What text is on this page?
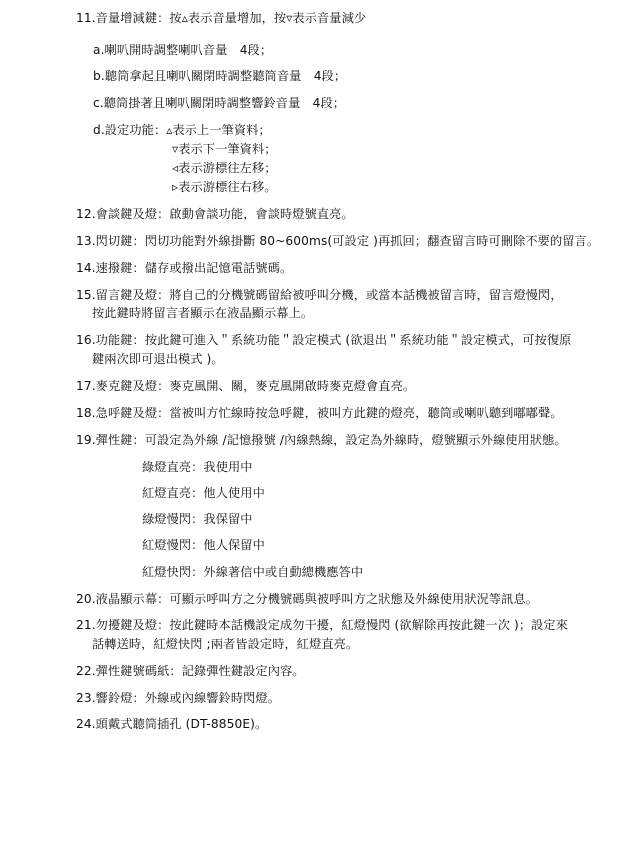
11.音量增減鍵：按▵表示音量增加，按▿表示音量減少
a.喇叭開時調整喇叭音量　4段；
b.聽筒拿起且喇叭關閉時調整聽筒音量　4段；
c.聽筒掛著且喇叭關閉時調整響鈴音量　4段；
d.設定功能：▵表示上一筆資料；
▿表示下一筆資料；
◃表示游標往左移；
▹表示游標往右移。
12.會談鍵及燈：啟動會談功能，會談時燈號直亮。
13.閃切鍵：閃切功能對外線掛斷 80~600ms(可設定 )再抓回；翻查留言時可刪除不要的留言。
14.速撥鍵：儲存或撥出記憶電話號碼。
15.留言鍵及燈：將自己的分機號碼留給被呼叫分機，或當本話機被留言時，留言燈慢閃，
按此鍵時將留言者顯示在液晶顯示幕上。
16.功能鍵：按此鍵可進入＂系統功能＂設定模式 (欲退出＂系統功能＂設定模式，可按復原
鍵兩次即可退出模式 )。
17.麥克鍵及燈：麥克風開、關，麥克風開啟時麥克燈會直亮。
18.急呼鍵及燈：當被叫方忙線時按急呼鍵，被叫方此鍵的燈亮，聽筒或喇叭聽到嘟嘟聲。
19.彈性鍵：可設定為外線 /記憶撥號 /內線熱線，設定為外線時，燈號顯示外線使用狀態。
綠燈直亮：我使用中
紅燈直亮：他人使用中
綠燈慢閃：我保留中
紅燈慢閃：他人保留中
紅燈快閃：外線著信中或自動總機應答中
20.液晶顯示幕：可顯示呼叫方之分機號碼與被呼叫方之狀態及外線使用狀況等訊息。
21.勿擾鍵及燈：按此鍵時本話機設定成勿干擾，紅燈慢閃 (欲解除再按此鍵一次 )；設定來
話轉送時，紅燈快閃 ;兩者皆設定時，紅燈直亮。
22.彈性鍵號碼紙：記錄彈性鍵設定內容。
23.響鈴燈：外線或內線響鈴時閃燈。
24.頭戴式聽筒插孔 (DT-8850E)。
